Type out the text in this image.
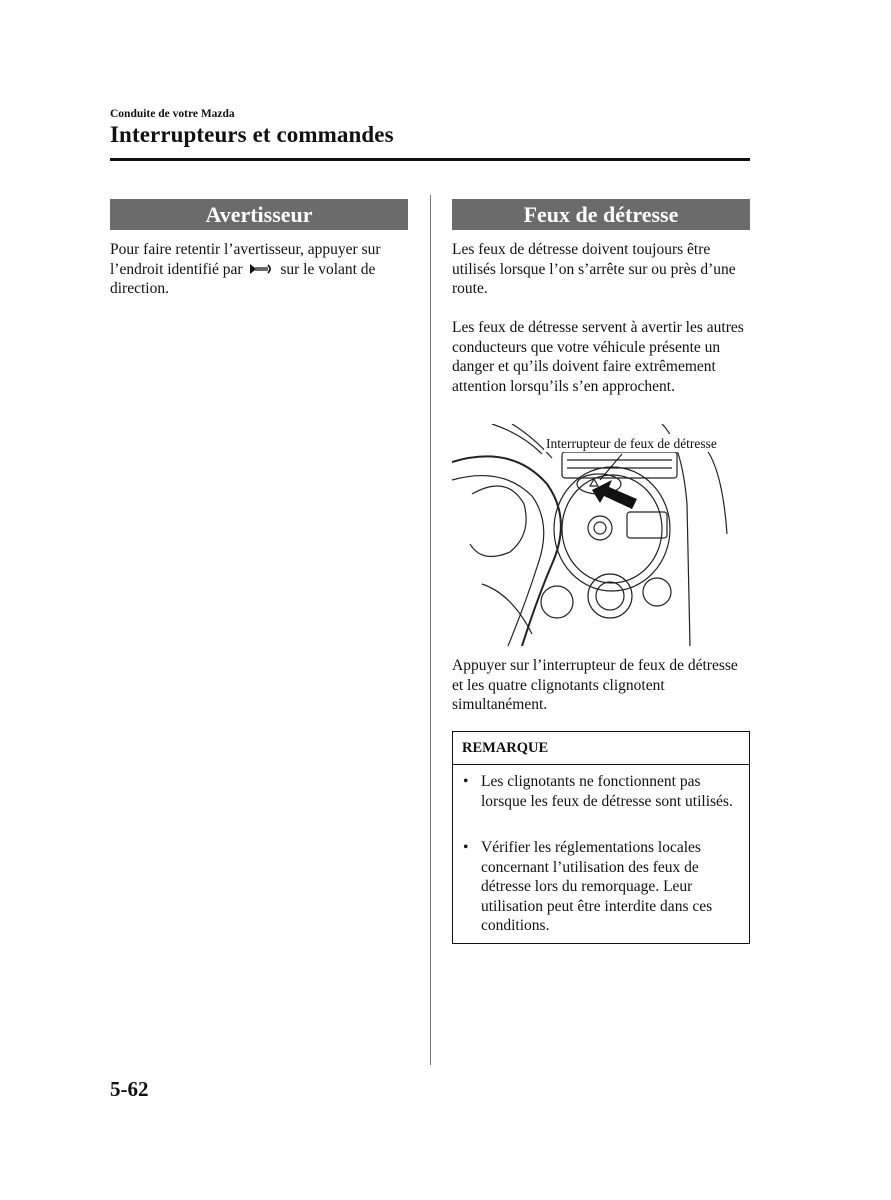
Conduite de votre Mazda
Interrupteurs et commandes
Avertisseur
Pour faire retentir l’avertisseur, appuyer sur l’endroit identifié par sur le volant de direction.
Feux de détresse
Les feux de détresse doivent toujours être utilisés lorsque l’on s’arrête sur ou près d’une route.
Les feux de détresse servent à avertir les autres conducteurs que votre véhicule présente un danger et qu’ils doivent faire extrêmement attention lorsqu’ils s’en approchent.
Interrupteur de feux de détresse
Appuyer sur l’interrupteur de feux de détresse et les quatre clignotants clignotent simultanément.
REMARQUE
• Les clignotants ne fonctionnent pas lorsque les feux de détresse sont utilisés.
• Vérifier les réglementations locales concernant l’utilisation des feux de détresse lors du remorquage. Leur utilisation peut être interdite dans ces conditions.
5-62
